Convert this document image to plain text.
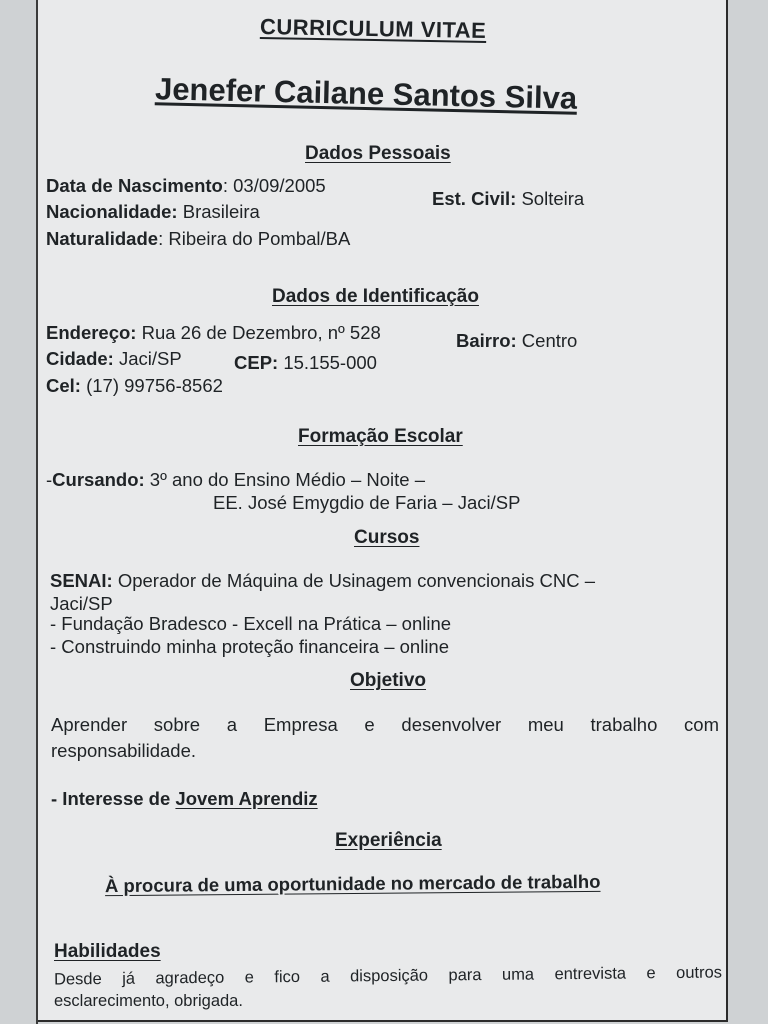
CURRICULUM VITAE
Jenefer Cailane Santos Silva
Dados Pessoais
Data de Nascimento: 03/09/2005
Est. Civil: Solteira
Nacionalidade: Brasileira
Naturalidade: Ribeira do Pombal/BA
Dados de Identificação
Endereço: Rua 26 de Dezembro, nº 528	Bairro: Centro
Cidade: Jaci/SP	CEP: 15.155-000
Cel: (17) 99756-8562
Formação Escolar
-Cursando: 3º ano do Ensino Médio – Noite –
EE. José Emygdio de Faria – Jaci/SP
Cursos
SENAI: Operador de Máquina de Usinagem convencionais CNC –
Jaci/SP
- Fundação Bradesco - Excell na Prática – online
- Construindo minha proteção financeira – online
Objetivo
Aprender sobre a Empresa e desenvolver meu trabalho com
responsabilidade.
- Interesse de Jovem Aprendiz
Experiência
À procura de uma oportunidade no mercado de trabalho
Habilidades
Desde já agradeço e fico a disposição para uma entrevista e outros
esclarecimento, obrigada.
